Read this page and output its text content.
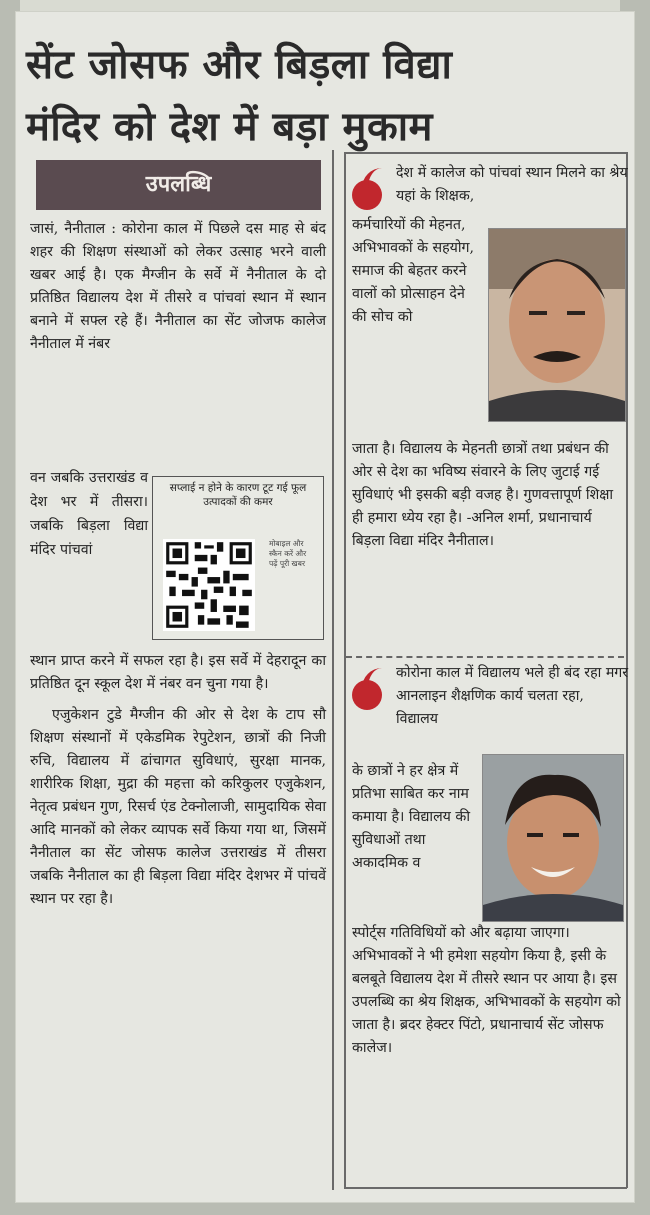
सेंट जोसफ और बिड़ला विद्या
मंदिर को देश में बड़ा मुकाम
उपलब्धि

जासं, नैनीताल : कोरोना काल में पिछले दस माह से बंद शहर की शिक्षण संस्थाओं को लेकर उत्साह भरने वाली खबर आई है। एक मैग्जीन के सर्वे में नैनीताल के दो प्रतिष्ठित विद्यालय देश में तीसरे व पांचवां स्थान में स्थान बनाने में सफ्ल रहे हैं। नैनीताल का सेंट जोजफ कालेज नैनीताल में नंबर

वन जबकि उत्तराखंड व देश भर में तीसरा। जबकि बिड़ला विद्या मंदिर पांचवां

सप्लाई न होने के कारण टूट गई फूल उत्पादकों की कमर
मोबाइल और स्कैन करें और पढ़ें पूरी खबर

स्थान प्राप्त करने में सफल रहा है। इस सर्वे में देहरादून का प्रतिष्ठित दून स्कूल देश में नंबर वन चुना गया है।

एजुकेशन टुडे मैग्जीन की ओर से देश के टाप सौ शिक्षण संस्थानों में एकेडमिक रेपुटेशन, छात्रों की निजी रुचि, विद्यालय में ढांचागत सुविधाएं, सुरक्षा मानक, शारीरिक शिक्षा, मुद्रा की महत्ता को करिकुलर एजुकेशन, नेतृत्व प्रबंधन गुण, रिसर्च एंड टेक्नोलाजी, सामुदायिक सेवा आदि मानकों को लेकर व्यापक सर्वे किया गया था, जिसमें नैनीताल का सेंट जोसफ कालेज उत्तराखंड में तीसरा जबकि नैनीताल का ही बिड़ला विद्या मंदिर देशभर में पांचवें स्थान पर रहा है।

देश में कालेज को पांचवां स्थान मिलने का श्रेय यहां के शिक्षक,

कर्मचारियों की मेहनत, अभिभावकों के सहयोग, समाज की बेहतर करने वालों को प्रोत्साहन देने की सोच को

जाता है। विद्यालय के मेहनती छात्रों तथा प्रबंधन की ओर से देश का भविष्य संवारने के लिए जुटाई गई सुविधाएं भी इसकी बड़ी वजह है। गुणवत्तापूर्ण शिक्षा ही हमारा ध्येय रहा है। -अनिल शर्मा, प्रधानाचार्य बिड़ला विद्या मंदिर नैनीताल।

कोरोना काल में विद्यालय भले ही बंद रहा मगर आनलाइन शैक्षणिक कार्य चलता रहा, विद्यालय

के छात्रों ने हर क्षेत्र में प्रतिभा साबित कर नाम कमाया है। विद्यालय की सुविधाओं तथा अकादमिक व

स्पोर्ट्स गतिविधियों को और बढ़ाया जाएगा। अभिभावकों ने भी हमेशा सहयोग किया है, इसी के बलबूते विद्यालय देश में तीसरे स्थान पर आया है। इस उपलब्धि का श्रेय शिक्षक, अभिभावकों के सहयोग को जाता है। ब्रदर हेक्टर पिंटो, प्रधानाचार्य सेंट जोसफ कालेज।
